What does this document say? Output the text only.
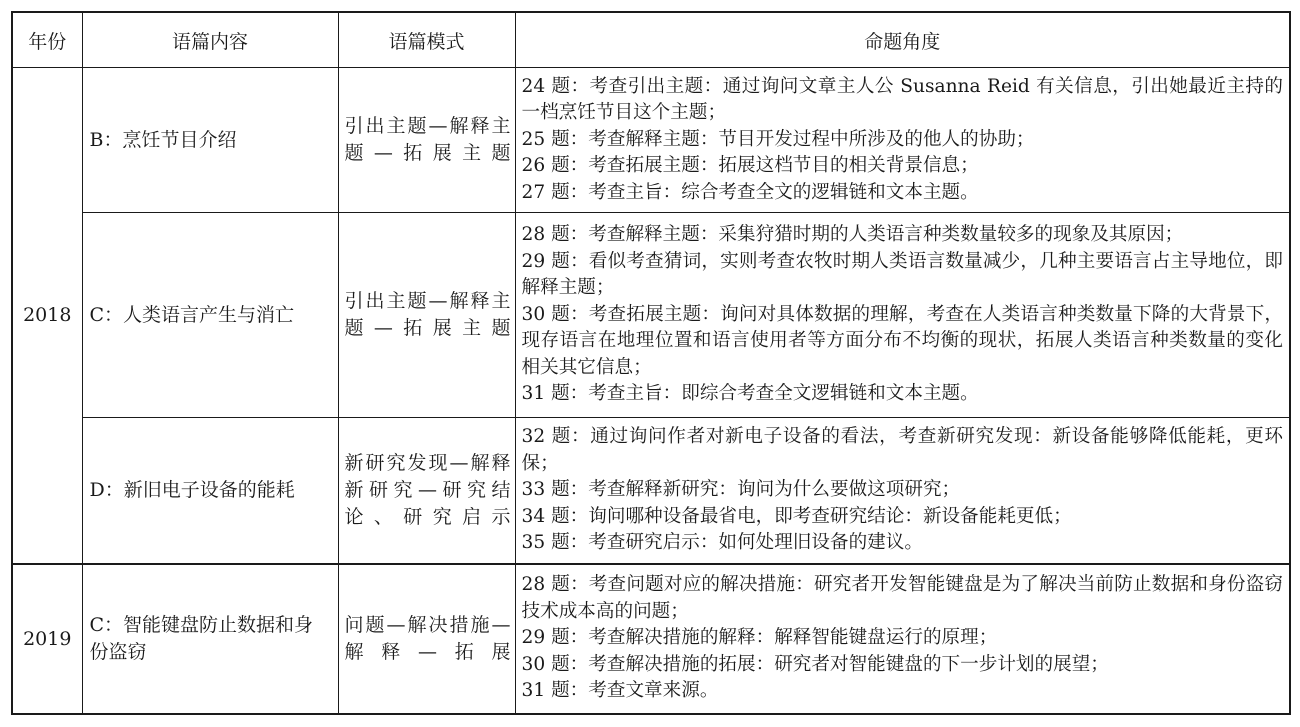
年份	语篇内容	语篇模式	命题角度
2018	B：烹饪节目介绍	引出主题—解释主题—拓展主题	24 题：考查引出主题：通过询问文章主人公 Susanna Reid 有关信息，引出她最近主持的一档烹饪节目这个主题；
25 题：考查解释主题：节目开发过程中所涉及的他人的协助；
26 题：考查拓展主题：拓展这档节目的相关背景信息；
27 题：考查主旨：综合考查全文的逻辑链和文本主题。

	C：人类语言产生与消亡	引出主题—解释主题—拓展主题	28 题：考查解释主题：采集狩猎时期的人类语言种类数量较多的现象及其原因；
29 题：看似考查猜词，实则考查农牧时期人类语言数量减少，几种主要语言占主导地位，即解释主题；
30 题：考查拓展主题：询问对具体数据的理解，考查在人类语言种类数量下降的大背景下，现存语言在地理位置和语言使用者等方面分布不均衡的现状，拓展人类语言种类数量的变化相关其它信息；
31 题：考查主旨：即综合考查全文逻辑链和文本主题。

	D：新旧电子设备的能耗	新研究发现—解释新研究—研究结论、研究启示	32 题：通过询问作者对新电子设备的看法，考查新研究发现：新设备能够降低能耗，更环保；
33 题：考查解释新研究：询问为什么要做这项研究；
34 题：询问哪种设备最省电，即考查研究结论：新设备能耗更低；
35 题：考查研究启示：如何处理旧设备的建议。

2019	C：智能键盘防止数据和身份盗窃	问题—解决措施—解释—拓展	28 题：考查问题对应的解决措施：研究者开发智能键盘是为了解决当前防止数据和身份盗窃技术成本高的问题；
29 题：考查解决措施的解释：解释智能键盘运行的原理；
30 题：考查解决措施的拓展：研究者对智能键盘的下一步计划的展望；
31 题：考查文章来源。
